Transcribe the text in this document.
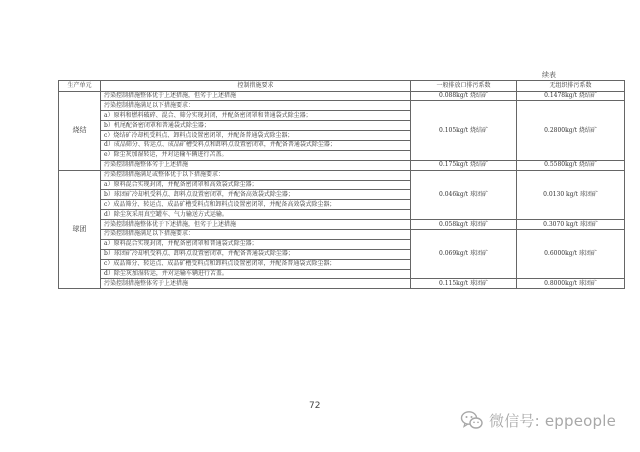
续表
生产单元	控制措施要求	一般排放口排污系数	无组织排污系数
烧结	污染控制措施整体优于上述措施，但劣于上述措施	0.088kg/t 烧结矿	0.1478kg/t 烧结矿
	污染控制措施满足以下措施要求：	0.105kg/t 烧结矿	0.2800kg/t 烧结矿
	a）原料和燃料破碎、混合、筛分实现封闭，并配备密闭罩和普通袋式除尘器；		
	b）机尾配备密闭罩和普通袋式除尘器；		
	c）烧结矿冷却机受料点、卸料点设置密闭罩，并配备普通袋式除尘器；		
	d）成品筛分、转运点、成品矿槽受料点和卸料点设置密闭罩，并配备普通袋式除尘器；		
	e）除尘灰加湿转运，并对运输车辆进行苫盖。		
	污染控制措施整体劣于上述措施	0.175kg/t 烧结矿	0.5580kg/t 烧结矿
球团	污染控制措施满足或整体优于以下措施要求：	0.046kg/t 球团矿	0.0130 kg/t 球团矿
	a）原料混合实现封闭，并配备密闭罩和高效袋式除尘器；		
	b）球团矿冷却机受料点、卸料点设置密闭罩，并配备高效袋式除尘器；		
	c）成品筛分、转运点、成品矿槽受料点和卸料点设置密闭罩，并配备高效袋式除尘器；		
	d）除尘灰采用真空罐车、气力输送方式运输。		
	污染控制措施整体优于下述措施，但劣于上述措施	0.058kg/t 球团矿	0.3070 kg/t 球团矿
	污染控制措施满足以下措施要求：	0.069kg/t 球团矿	0.6000kg/t 球团矿
	a）原料混合实现封闭，并配备密闭罩和普通袋式除尘器；		
	b）球团矿冷却机受料点、卸料点设置密闭罩，并配备普通袋式除尘器；		
	c）成品筛分、转运点、成品矿槽受料点和卸料点设置密闭罩，并配备普通袋式除尘器；		
	d）除尘灰加湿转运，并对运输车辆进行苫盖。		
	污染控制措施整体劣于上述措施	0.115kg/t 球团矿	0.8000kg/t 球团矿
72
微信号: eppeople
